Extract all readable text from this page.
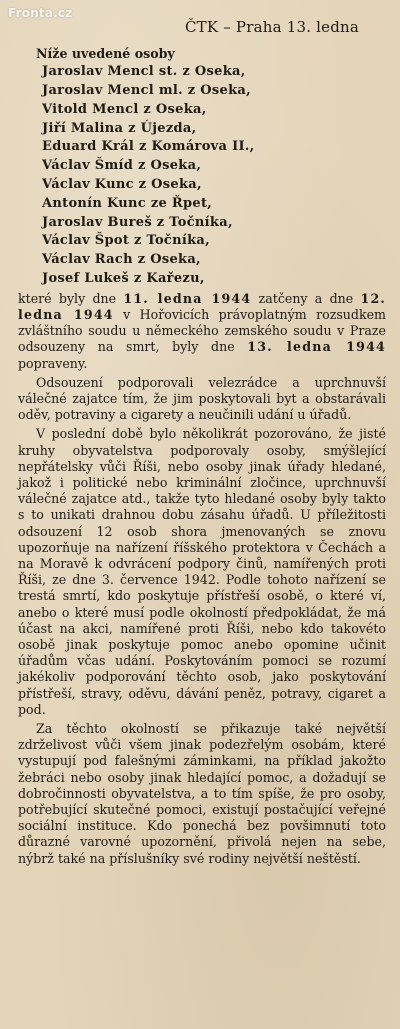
Fronta.cz
ČTK – Praha 13. ledna
Níže uvedené osoby
Jaroslav Mencl st. z Oseka,
Jaroslav Mencl ml. z Oseka,
Vitold Mencl z Oseka,
Jiří Malina z Újezda,
Eduard Král z Komárova II.,
Václav Šmíd z Oseka,
Václav Kunc z Oseka,
Antonín Kunc ze Řpet,
Jaroslav Bureš z Točníka,
Václav Špot z Točníka,
Václav Rach z Oseka,
Josef Lukeš z Kařezu,

které byly dne 11. ledna 1944 zatčeny a dne 12. ledna 1944 v Hořovicích právoplatným rozsudkem zvláštního soudu u německého zemského soudu v Praze odsouzeny na smrt, byly dne 13. ledna 1944 popraveny.

Odsouzení podporovali velezrádce a uprchnuvší válečné zajatce tím, že jim poskytovali byt a obstarávali oděv, potraviny a cigarety a neučinili udání u úřadů.

V poslední době bylo několikrát pozorováno, že jisté kruhy obyvatelstva podporovaly osoby, smýšlející nepřátelsky vůči Říši, nebo osoby jinak úřady hledané, jakož i politické nebo kriminální zločince, uprchnuvší válečné zajatce atd., takže tyto hledané osoby byly takto s to unikati drahnou dobu zásahu úřadů. U příležitosti odsouzení 12 osob shora jmenovaných se znovu upozorňuje na nařízení říšského protektora v Čechách a na Moravě k odvrácení podpory činů, namířených proti Říši, ze dne 3. července 1942. Podle tohoto nařízení se trestá smrtí, kdo poskytuje přístřeší osobě, o které ví, anebo o které musí podle okolností předpokládat, že má účast na akci, namířené proti Říši, nebo kdo takovéto osobě jinak poskytuje pomoc anebo opomine učinit úřadům včas udání. Poskytováním pomoci se rozumí jakékoliv podporování těchto osob, jako poskytování přístřeší, stravy, oděvu, dávání peněz, potravy, cigaret a pod.

Za těchto okolností se přikazuje také největší zdrželivost vůči všem jinak podezřelým osobám, které vystupují pod falešnými záminkami, na příklad jakožto žebráci nebo osoby jinak hledající pomoc, a dožadují se dobročinnosti obyvatelstva, a to tím spíše, že pro osoby, potřebující skutečné pomoci, existují postačující veřejné sociální instituce. Kdo ponechá bez povšimnutí toto důrazné varovné upozornění, přivolá nejen na sebe, nýbrž také na příslušníky své rodiny největší neštěstí.
